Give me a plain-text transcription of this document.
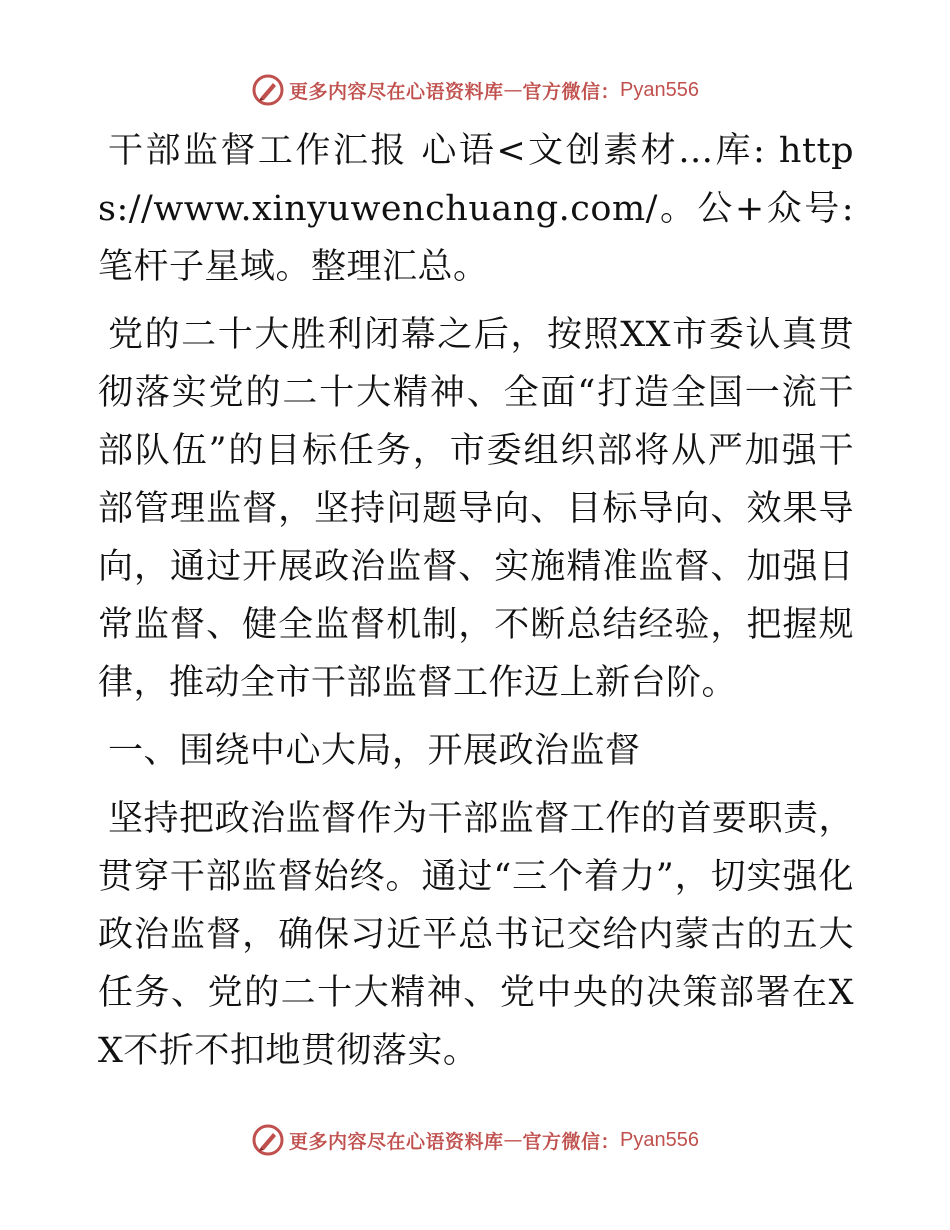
更多内容尽在心语资料库 — 官方微信： Pyan556

干部监督工作汇报 心语<文创素材…库: https://www.xinyuwenchuang.com/。公+众号: 笔杆子星域。整理汇总。

党的二十大胜利闭幕之后，按照XX市委认真贯彻落实党的二十大精神、全面“打造全国一流干部队伍”的目标任务，市委组织部将从严加强干部管理监督，坚持问题导向、目标导向、效果导向，通过开展政治监督、实施精准监督、加强日常监督、健全监督机制，不断总结经验，把握规律，推动全市干部监督工作迈上新台阶。

一、围绕中心大局，开展政治监督

坚持把政治监督作为干部监督工作的首要职责，贯穿干部监督始终。通过“三个着力”，切实强化政治监督，确保习近平总书记交给内蒙古的五大任务、党的二十大精神、党中央的决策部署在XX不折不扣地贯彻落实。

更多内容尽在心语资料库 — 官方微信： Pyan556
